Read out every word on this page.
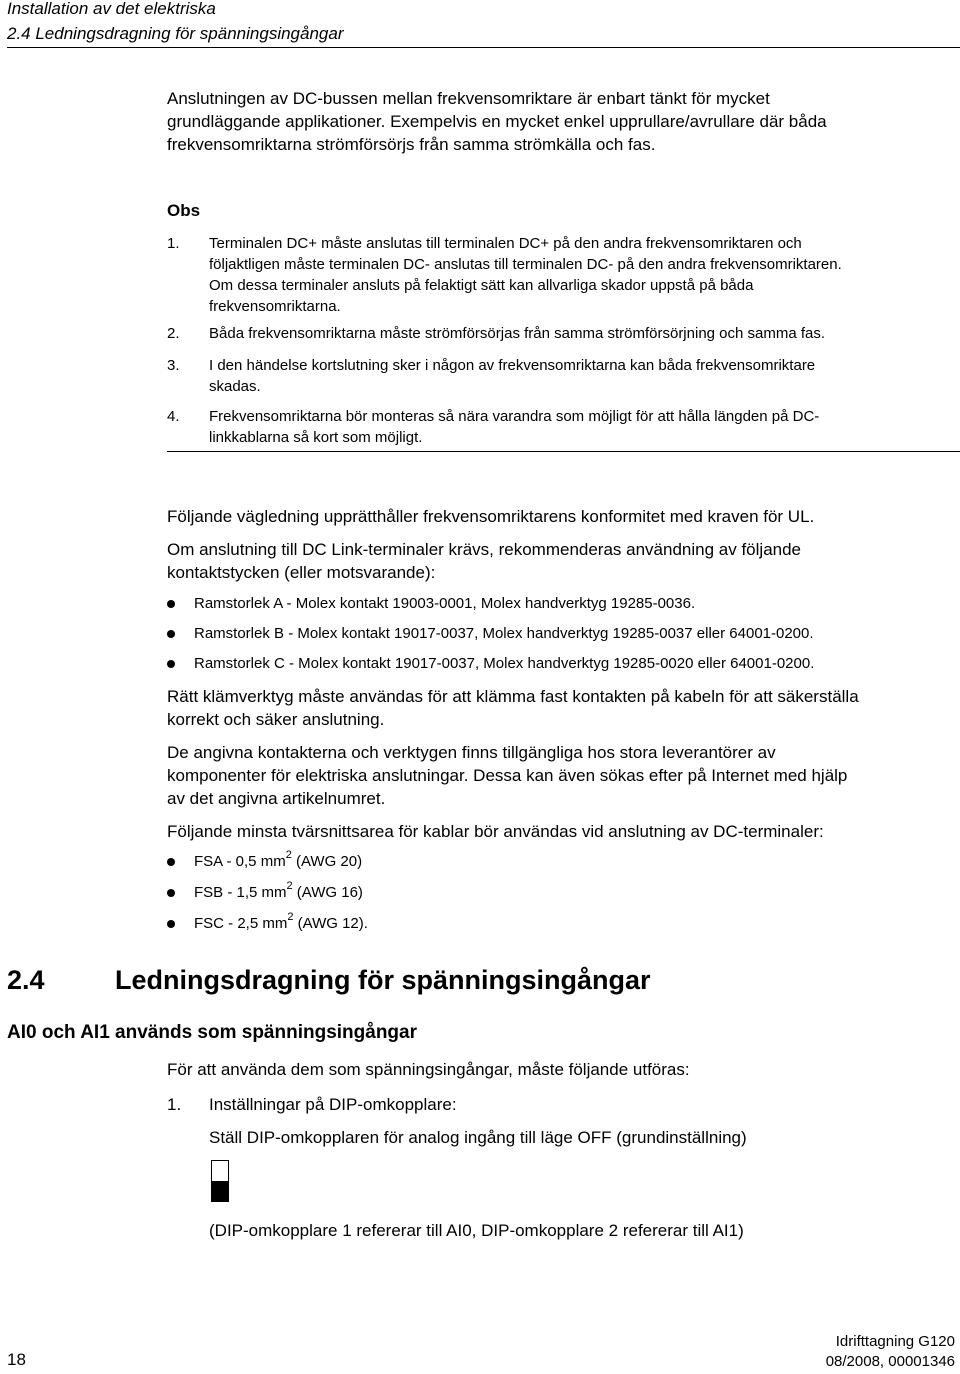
Installation av det elektriska
2.4 Ledningsdragning för spänningsingångar
Anslutningen av DC-bussen mellan frekvensomriktare är enbart tänkt för mycket
grundläggande applikationer. Exempelvis en mycket enkel upprullare/avrullare där båda
frekvensomriktarna strömförsörjs från samma strömkälla och fas.
Obs
1. Terminalen DC+ måste anslutas till terminalen DC+ på den andra frekvensomriktaren och
följaktligen måste terminalen DC- anslutas till terminalen DC- på den andra frekvensomriktaren.
Om dessa terminaler ansluts på felaktigt sätt kan allvarliga skador uppstå på båda
frekvensomriktarna.
2. Båda frekvensomriktarna måste strömförsörjas från samma strömförsörjning och samma fas.
3. I den händelse kortslutning sker i någon av frekvensomriktarna kan båda frekvensomriktare
skadas.
4. Frekvensomriktarna bör monteras så nära varandra som möjligt för att hålla längden på DC-
linkkablarna så kort som möjligt.
Följande vägledning upprätthåller frekvensomriktarens konformitet med kraven för UL.
Om anslutning till DC Link-terminaler krävs, rekommenderas användning av följande
kontaktstycken (eller motsvarande):
Ramstorlek A - Molex kontakt 19003-0001, Molex handverktyg 19285-0036.
Ramstorlek B - Molex kontakt 19017-0037, Molex handverktyg 19285-0037 eller 64001-0200.
Ramstorlek C - Molex kontakt 19017-0037, Molex handverktyg 19285-0020 eller 64001-0200.
Rätt klämverktyg måste användas för att klämma fast kontakten på kabeln för att säkerställa
korrekt och säker anslutning.
De angivna kontakterna och verktygen finns tillgängliga hos stora leverantörer av
komponenter för elektriska anslutningar. Dessa kan även sökas efter på Internet med hjälp
av det angivna artikelnumret.
Följande minsta tvärsnittsarea för kablar bör användas vid anslutning av DC-terminaler:
FSA - 0,5 $mm^2$ (AWG 20)
FSB - 1,5 $mm^2$ (AWG 16)
FSC - 2,5 $mm^2$ (AWG 12).
2.4	Ledningsdragning för spänningsingångar
AI0 och AI1 används som spänningsingångar
För att använda dem som spänningsingångar, måste följande utföras:
1. Inställningar på DIP-omkopplare:
Ställ DIP-omkopplaren för analog ingång till läge OFF (grundinställning)
(DIP-omkopplare 1 refererar till AI0, DIP-omkopplare 2 refererar till AI1)
18
Idrifttagning G120
08/2008, 00001346
